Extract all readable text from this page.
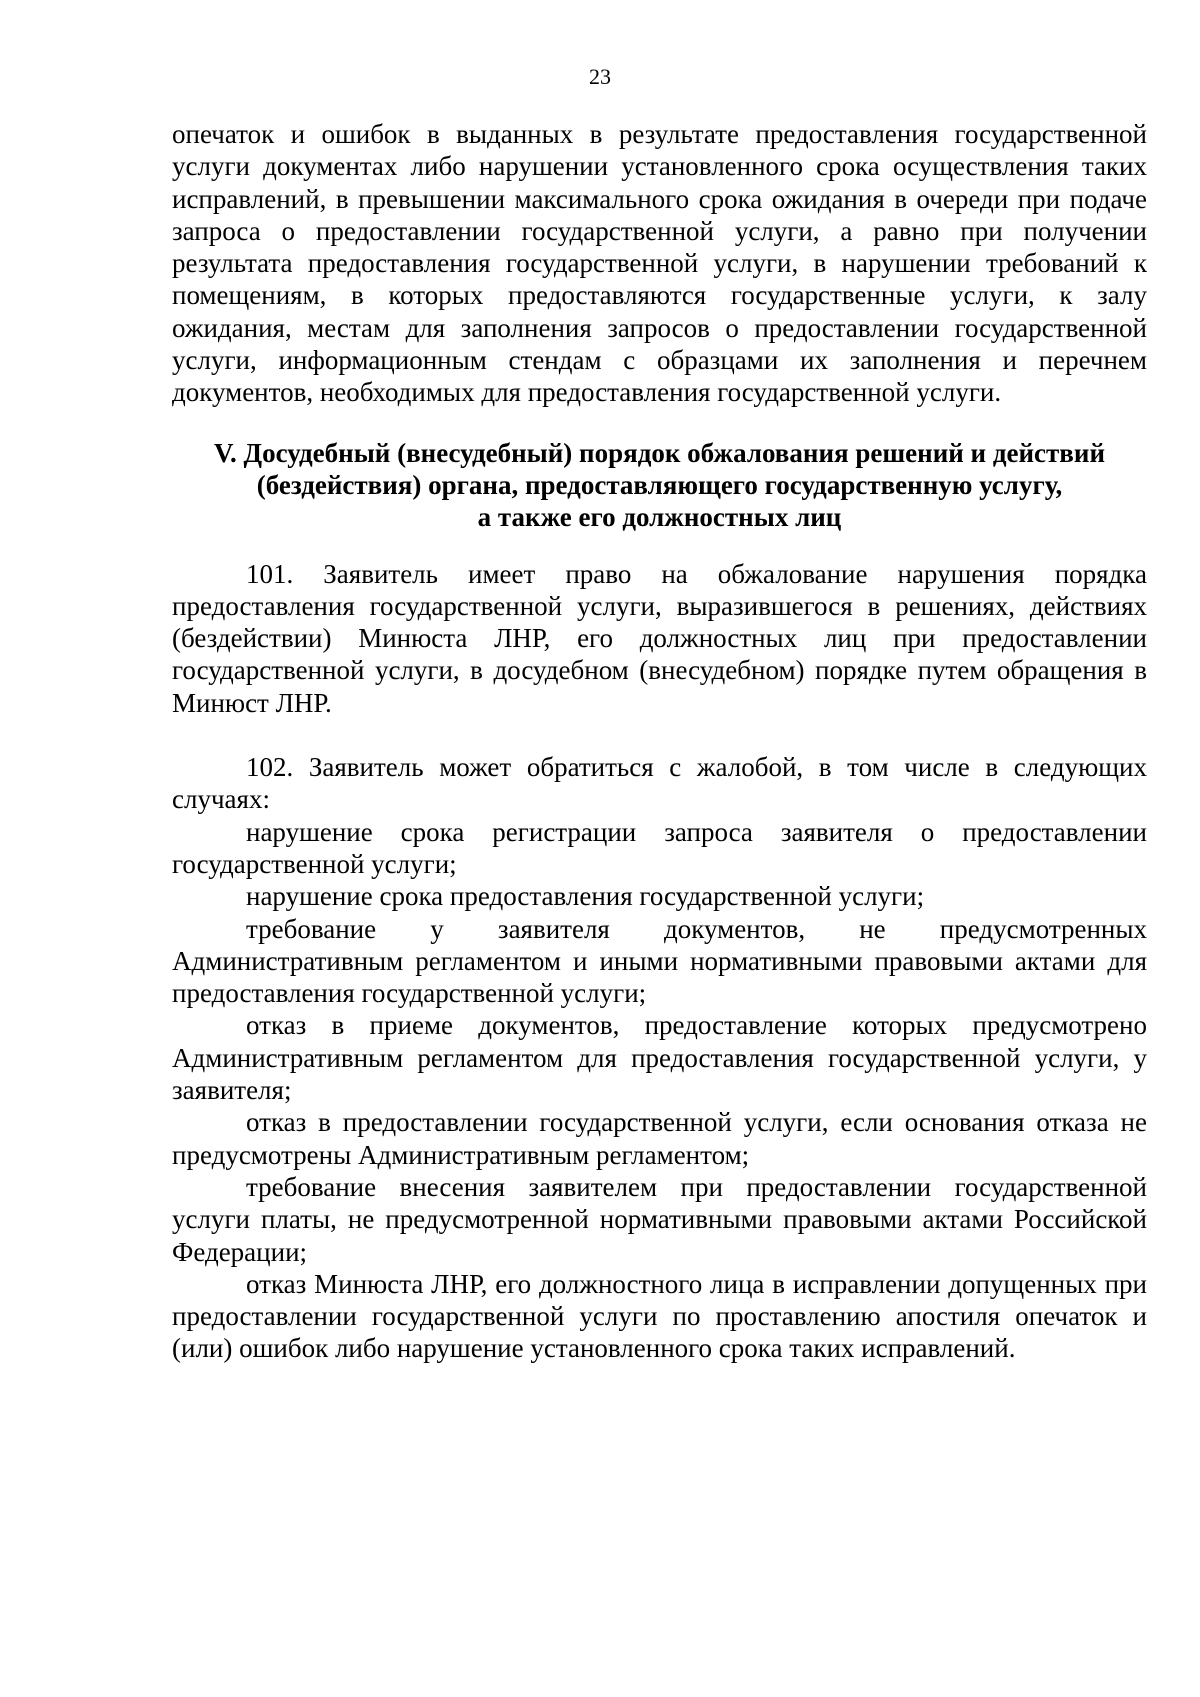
23

опечаток и ошибок в выданных в результате предоставления государственной услуги документах либо нарушении установленного срока осуществления таких исправлений, в превышении максимального срока ожидания в очереди при подаче запроса о предоставлении государственной услуги, а равно при получении результата предоставления государственной услуги, в нарушении требований к помещениям, в которых предоставляются государственные услуги, к залу ожидания, местам для заполнения запросов о предоставлении государственной услуги, информационным стендам с образцами их заполнения и перечнем документов, необходимых для предоставления государственной услуги.

V. Досудебный (внесудебный) порядок обжалования решений и действий
(бездействия) органа, предоставляющего государственную услугу,
а также его должностных лиц

101. Заявитель имеет право на обжалование нарушения порядка предоставления государственной услуги, выразившегося в решениях, действиях (бездействии) Минюста ЛНР, его должностных лиц при предоставлении государственной услуги, в досудебном (внесудебном) порядке путем обращения в Минюст ЛНР.

102. Заявитель может обратиться с жалобой, в том числе в следующих случаях:

нарушение срока регистрации запроса заявителя о предоставлении государственной услуги;

нарушение срока предоставления государственной услуги;

требование у заявителя документов, не предусмотренных Административным регламентом и иными нормативными правовыми актами для предоставления государственной услуги;

отказ в приеме документов, предоставление которых предусмотрено Административным регламентом для предоставления государственной услуги, у заявителя;

отказ в предоставлении государственной услуги, если основания отказа не предусмотрены Административным регламентом;

требование внесения заявителем при предоставлении государственной услуги платы, не предусмотренной нормативными правовыми актами Российской Федерации;

отказ Минюста ЛНР, его должностного лица в исправлении допущенных при предоставлении государственной услуги по проставлению апостиля опечаток и (или) ошибок либо нарушение установленного срока таких исправлений.
